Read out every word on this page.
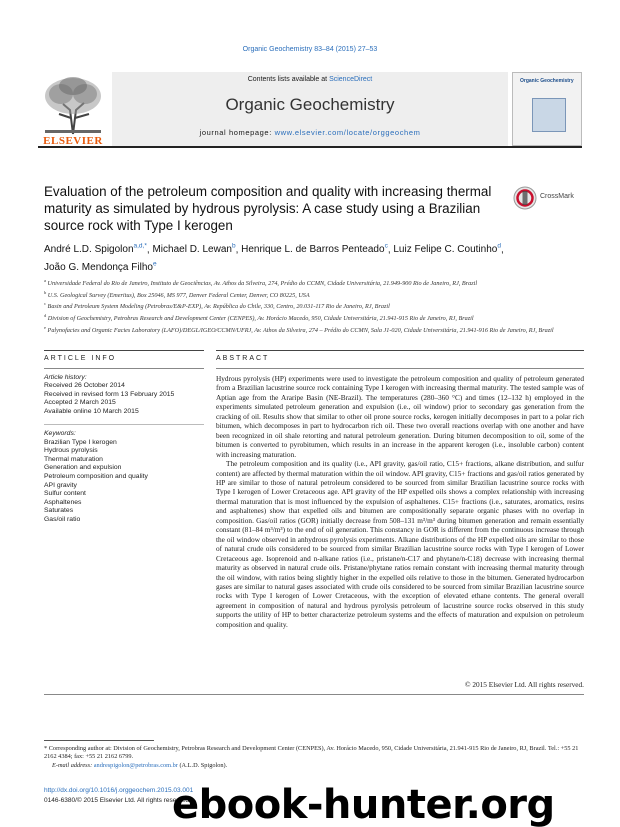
Organic Geochemistry 83–84 (2015) 27–53
ELSEVIER
Contents lists available at ScienceDirect
Organic Geochemistry
journal homepage: www.elsevier.com/locate/orggeochem
Organic Geochemistry
Evaluation of the petroleum composition and quality with increasing thermal maturity as simulated by hydrous pyrolysis: A case study using a Brazilian source rock with Type I kerogen
CrossMark
André L.D. Spigolon$^{a,d,*}$, Michael D. Lewan$^b$, Henrique L. de Barros Penteado$^c$, Luiz Felipe C. Coutinho$^d$,
João G. Mendonça Filho$^e$
$^a$ Universidade Federal do Rio de Janeiro, Instituto de Geociências, Av. Athos da Silveira, 274, Prédio do CCMN, Cidade Universitária, 21.949-900 Rio de Janeiro, RJ, Brazil
$^b$ U.S. Geological Survey (Emeritus), Box 25046, MS 977, Denver Federal Center, Denver, CO 80225, USA
$^c$ Basin and Petroleum System Modeling (Petrobras/E&P-EXP), Av. República do Chile, 330, Centro, 20.031-117 Rio de Janeiro, RJ, Brazil
$^d$ Division of Geochemistry, Petrobras Research and Development Center (CENPES), Av. Horácio Macedo, 950, Cidade Universitária, 21.941-915 Rio de Janeiro, RJ, Brazil
$^e$ Palynofacies and Organic Facies Laboratory (LAFO)/DEGL/IGEO/CCMN/UFRJ, Av. Athos da Silveira, 274 – Prédio do CCMN, Sala J1-020, Cidade Universitária, 21.941-916 Rio de Janeiro, RJ, Brazil
ARTICLE INFO	ABSTRACT
Article history:
Received 26 October 2014
Received in revised form 13 February 2015
Accepted 2 March 2015
Available online 10 March 2015
Keywords:
Brazilian Type I kerogen
Hydrous pyrolysis
Thermal maturation
Generation and expulsion
Petroleum composition and quality
API gravity
Sulfur content
Asphaltenes
Saturates
Gas/oil ratio

Hydrous pyrolysis (HP) experiments were used to investigate the petroleum composition and quality of petroleum generated from a Brazilian lacustrine source rock containing Type I kerogen with increasing thermal maturity. The tested sample was of Aptian age from the Araripe Basin (NE-Brazil). The temperatures (280–360 °C) and times (12–132 h) employed in the experiments simulated petroleum generation and expulsion (i.e., oil window) prior to secondary gas generation from the cracking of oil. Results show that similar to other oil prone source rocks, kerogen initially decomposes in part to a polar rich bitumen, which decomposes in part to hydrocarbon rich oil. These two overall reactions overlap with one another and have been recognized in oil shale retorting and natural petroleum generation. During bitumen decomposition to oil, some of the bitumen is converted to pyrobitumen, which results in an increase in the apparent kerogen (i.e., insoluble carbon) content with increasing maturation.

The petroleum composition and its quality (i.e., API gravity, gas/oil ratio, C15+ fractions, alkane distribution, and sulfur content) are affected by thermal maturation within the oil window. API gravity, C15+ fractions and gas/oil ratios generated by HP are similar to those of natural petroleum considered to be sourced from similar Brazilian lacustrine source rocks with Type I kerogen of Lower Cretaceous age. API gravity of the HP expelled oils shows a complex relationship with increasing thermal maturation that is most influenced by the expulsion of asphaltenes. C15+ fractions (i.e., saturates, aromatics, resins and asphaltenes) show that expelled oils and bitumen are compositionally separate organic phases with no overlap in composition. Gas/oil ratios (GOR) initially decrease from 508–131 m³/m³ during bitumen generation and remain essentially constant (81–84 m³/m³) to the end of oil generation. This constancy in GOR is different from the continuous increase through the oil window observed in anhydrous pyrolysis experiments. Alkane distributions of the HP expelled oils are similar to those of natural crude oils considered to be sourced from similar Brazilian lacustrine source rocks with Type I kerogen of Lower Cretaceous age. Isoprenoid and n-alkane ratios (i.e., pristane/n-C17 and phytane/n-C18) decrease with increasing thermal maturity as observed in natural crude oils. Pristane/phytane ratios remain constant with increasing thermal maturity through the oil window, with ratios being slightly higher in the expelled oils relative to those in the bitumen. Generated hydrocarbon gases are similar to natural gases associated with crude oils considered to be sourced from similar Brazilian lacustrine source rocks with Type I kerogen of Lower Cretaceous, with the exception of elevated ethane contents. The general overall agreement in composition of natural and hydrous pyrolysis petroleum of lacustrine source rocks observed in this study supports the utility of HP to better characterize petroleum systems and the effects of maturation and expulsion on petroleum composition and quality.

© 2015 Elsevier Ltd. All rights reserved.
* Corresponding author at: Division of Geochemistry, Petrobras Research and Development Center (CENPES), Av. Horácio Macedo, 950, Cidade Universitária, 21.941-915 Rio de Janeiro, RJ, Brazil. Tel.: +55 21 2162 4384; fax: +55 21 2162 6799.
E-mail address: andrespigolon@petrobras.com.br (A.L.D. Spigolon).
http://dx.doi.org/10.1016/j.orggeochem.2015.03.001
0146-6380/© 2015 Elsevier Ltd. All rights reserved.
ebook-hunter.org
